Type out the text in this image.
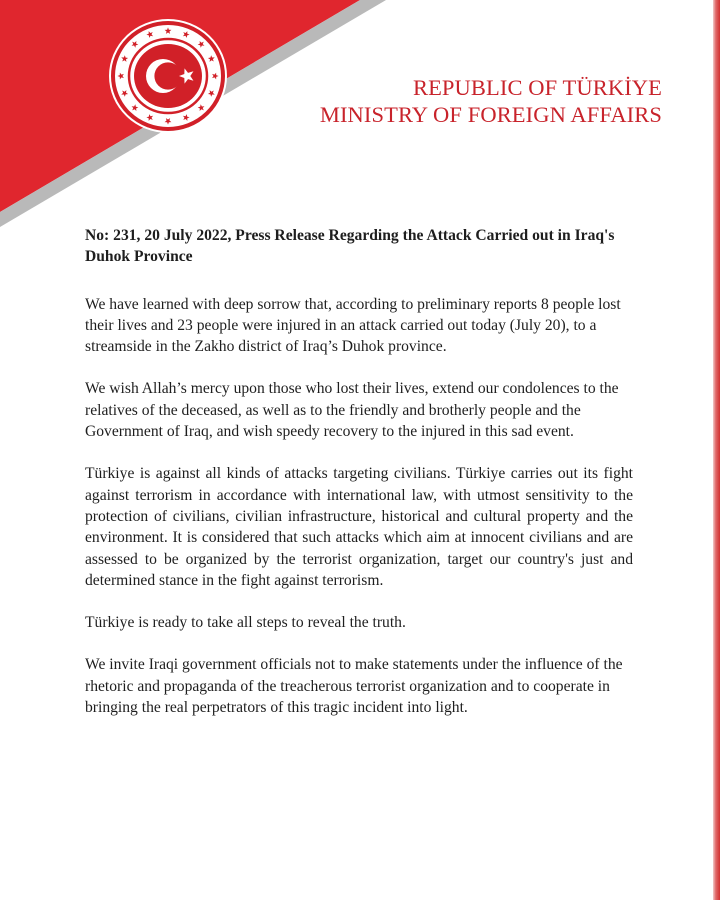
REPUBLIC OF TÜRKİYE
MINISTRY OF FOREIGN AFFAIRS
No: 231, 20 July 2022, Press Release Regarding the Attack Carried out in Iraq's Duhok Province
We have learned with deep sorrow that, according to preliminary reports 8 people lost their lives and 23 people were injured in an attack carried out today (July 20), to a streamside in the Zakho district of Iraq’s Duhok province.
We wish Allah’s mercy upon those who lost their lives, extend our condolences to the relatives of the deceased, as well as to the friendly and brotherly people and the Government of Iraq, and wish speedy recovery to the injured in this sad event.
Türkiye is against all kinds of attacks targeting civilians. Türkiye carries out its fight against terrorism in accordance with international law, with utmost sensitivity to the protection of civilians, civilian infrastructure, historical and cultural property and the environment. It is considered that such attacks which aim at innocent civilians and are assessed to be organized by the terrorist organization, target our country's just and determined stance in the fight against terrorism.
Türkiye is ready to take all steps to reveal the truth.
We invite Iraqi government officials not to make statements under the influence of the rhetoric and propaganda of the treacherous terrorist organization and to cooperate in bringing the real perpetrators of this tragic incident into light.
